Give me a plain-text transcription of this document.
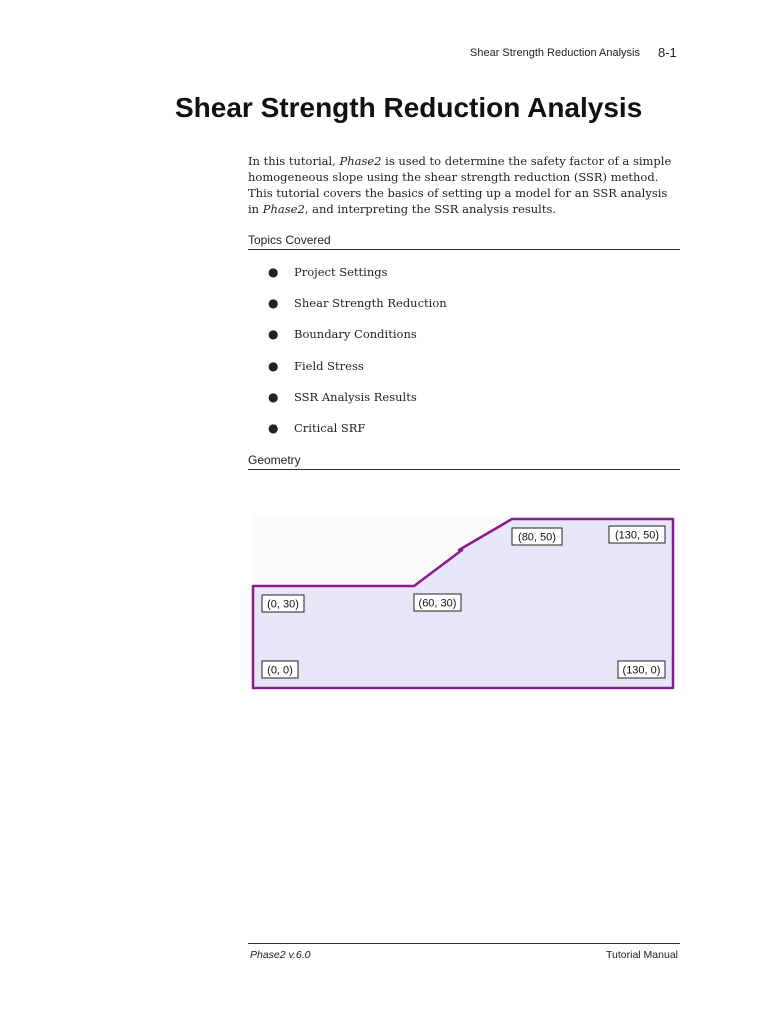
Shear Strength Reduction Analysis 8-1
Shear Strength Reduction Analysis

In this tutorial, Phase2 is used to determine the safety factor of a simple homogeneous slope using the shear strength reduction (SSR) method. This tutorial covers the basics of setting up a model for an SSR analysis in Phase2, and interpreting the SSR analysis results.

Topics Covered
●	Project Settings
●	Shear Strength Reduction
●	Boundary Conditions
●	Field Stress
●	SSR Analysis Results
●	Critical SRF
Geometry
(80, 50)	(130, 50)
(0, 30)	(60, 30)
(0, 0)	(130, 0)
Phase2 v.6.0	Tutorial Manual
